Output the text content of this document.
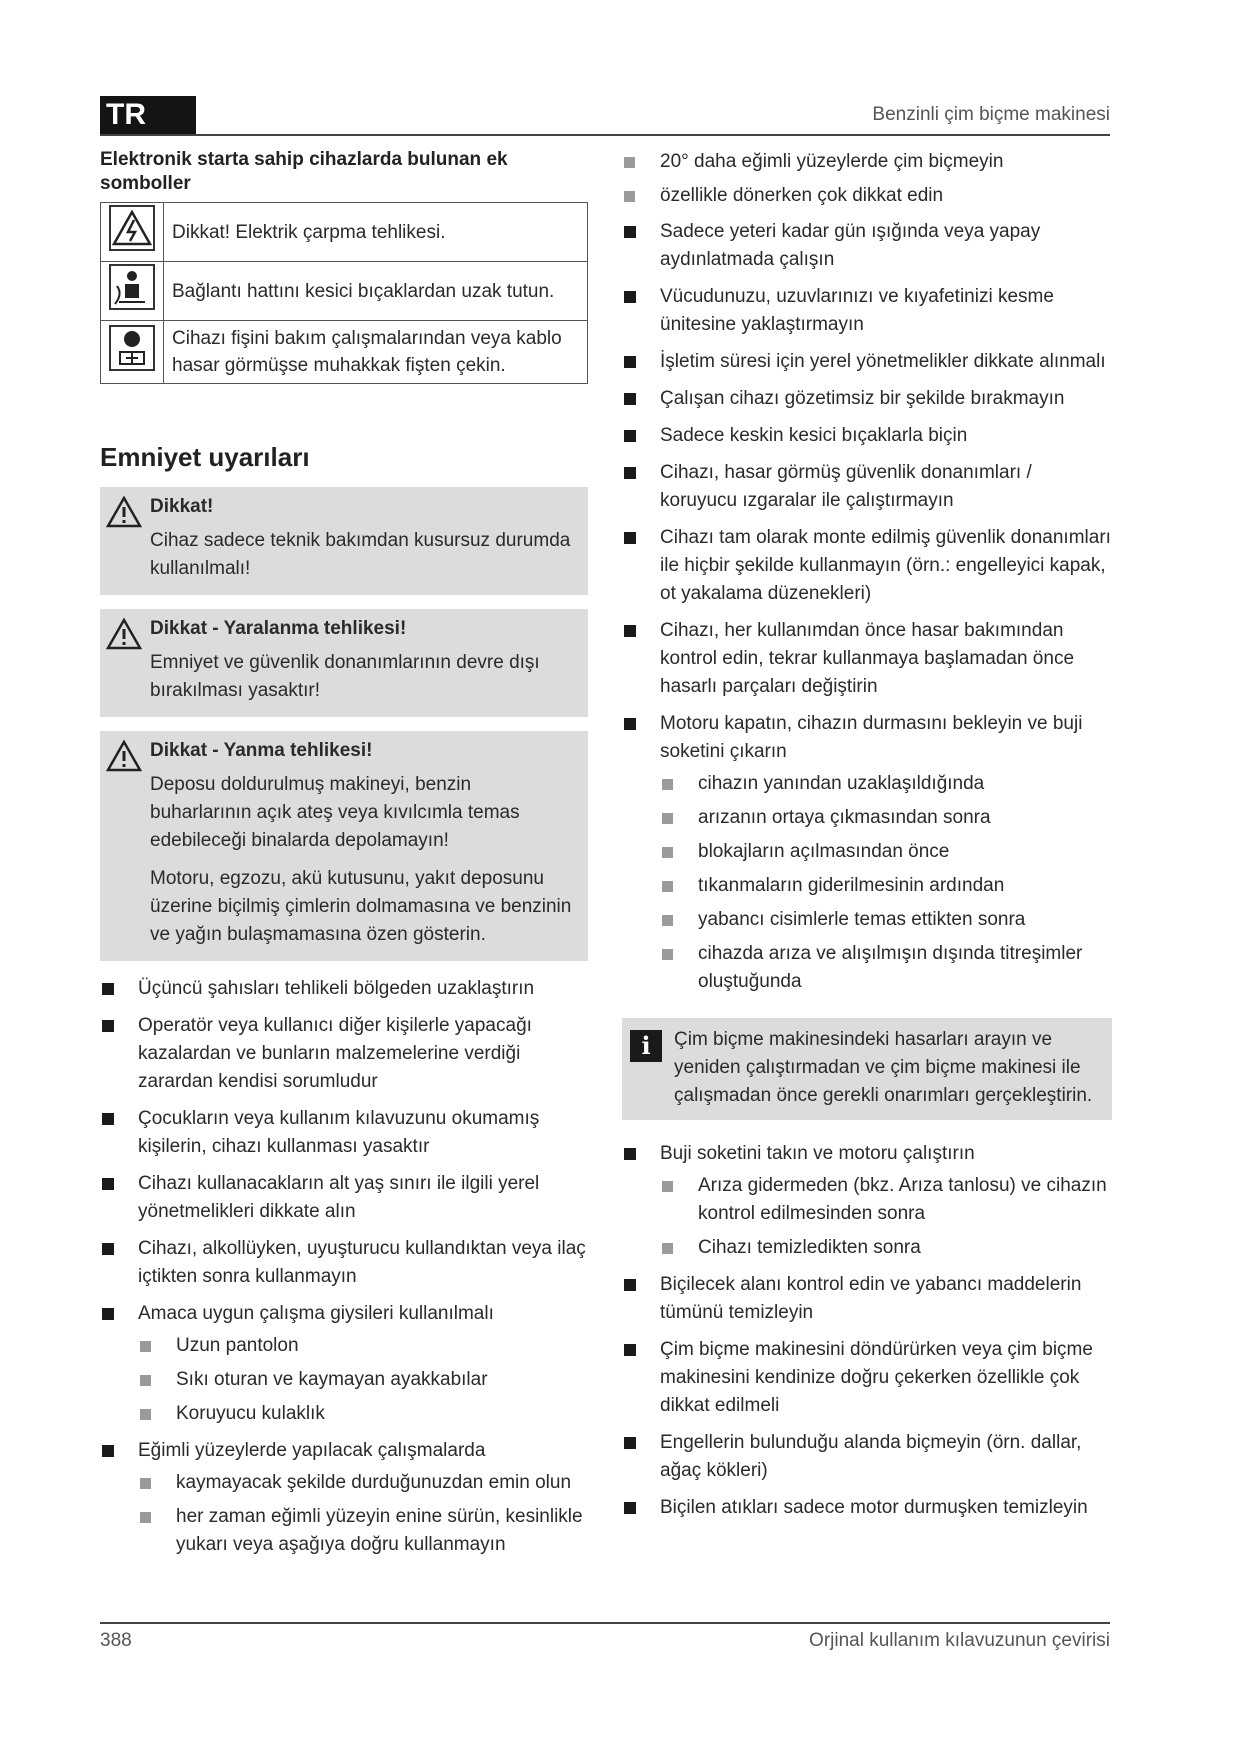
TR	Benzinli çim biçme makinesi
Elektronik starta sahip cihazlarda bulunan ek somboller
	Dikkat! Elektrik çarpma tehlikesi.
	Bağlantı hattını kesici bıçaklardan uzak tutun.
	Cihazı fişini bakım çalışmalarından veya kablo hasar görmüşse muhakkak fişten çekin.
Emniyet uyarıları
Dikkat!

Cihaz sadece teknik bakımdan kusursuz durumda kullanılmalı!

Dikkat - Yaralanma tehlikesi!

Emniyet ve güvenlik donanımlarının devre dışı bırakılması yasaktır!

Dikkat - Yanma tehlikesi!

Deposu doldurulmuş makineyi, benzin buharlarının açık ateş veya kıvılcımla temas edebileceği binalarda depolamayın!

Motoru, egzozu, akü kutusunu, yakıt deposunu üzerine biçilmiş çimlerin dolmamasına ve benzinin ve yağın bulaşmamasına özen gösterin.

Üçüncü şahısları tehlikeli bölgeden uzaklaştırın
Operatör veya kullanıcı diğer kişilerle yapacağı kazalardan ve bunların malzemelerine verdiği zarardan kendisi sorumludur
Çocukların veya kullanım kılavuzunu okumamış kişilerin, cihazı kullanması yasaktır
Cihazı kullanacakların alt yaş sınırı ile ilgili yerel yönetmelikleri dikkate alın
Cihazı, alkollüyken, uyuşturucu kullandıktan veya ilaç içtikten sonra kullanmayın
Amaca uygun çalışma giysileri kullanılmalı
Uzun pantolon
Sıkı oturan ve kaymayan ayakkabılar
Koruyucu kulaklık
Eğimli yüzeylerde yapılacak çalışmalarda
kaymayacak şekilde durduğunuzdan emin olun
her zaman eğimli yüzeyin enine sürün, kesinlikle yukarı veya aşağıya doğru kullanmayın
20° daha eğimli yüzeylerde çim biçmeyin
özellikle dönerken çok dikkat edin
Sadece yeteri kadar gün ışığında veya yapay aydınlatmada çalışın
Vücudunuzu, uzuvlarınızı ve kıyafetinizi kesme ünitesine yaklaştırmayın
İşletim süresi için yerel yönetmelikler dikkate alınmalı
Çalışan cihazı gözetimsiz bir şekilde bırakmayın
Sadece keskin kesici bıçaklarla biçin
Cihazı, hasar görmüş güvenlik donanımları / koruyucu ızgaralar ile çalıştırmayın
Cihazı tam olarak monte edilmiş güvenlik donanımları ile hiçbir şekilde kullanmayın (örn.: engelleyici kapak, ot yakalama düzenekleri)
Cihazı, her kullanımdan önce hasar bakımından kontrol edin, tekrar kullanmaya başlamadan önce hasarlı parçaları değiştirin
Motoru kapatın, cihazın durmasını bekleyin ve buji soketini çıkarın
cihazın yanından uzaklaşıldığında
arızanın ortaya çıkmasından sonra
blokajların açılmasından önce
tıkanmaların giderilmesinin ardından
yabancı cisimlerle temas ettikten sonra
cihazda arıza ve alışılmışın dışında titreşimler oluştuğunda
i	Çim biçme makinesindeki hasarları arayın ve yeniden çalıştırmadan ve çim biçme makinesi ile çalışmadan önce gerekli onarımları gerçekleştirin.
Buji soketini takın ve motoru çalıştırın
Arıza gidermeden (bkz. Arıza tanlosu) ve cihazın kontrol edilmesinden sonra
Cihazı temizledikten sonra
Biçilecek alanı kontrol edin ve yabancı maddelerin tümünü temizleyin
Çim biçme makinesini döndürürken veya çim biçme makinesini kendinize doğru çekerken özellikle çok dikkat edilmeli
Engellerin bulunduğu alanda biçmeyin (örn. dallar, ağaç kökleri)
Biçilen atıkları sadece motor durmuşken temizleyin
388	Orjinal kullanım kılavuzunun çevirisi
